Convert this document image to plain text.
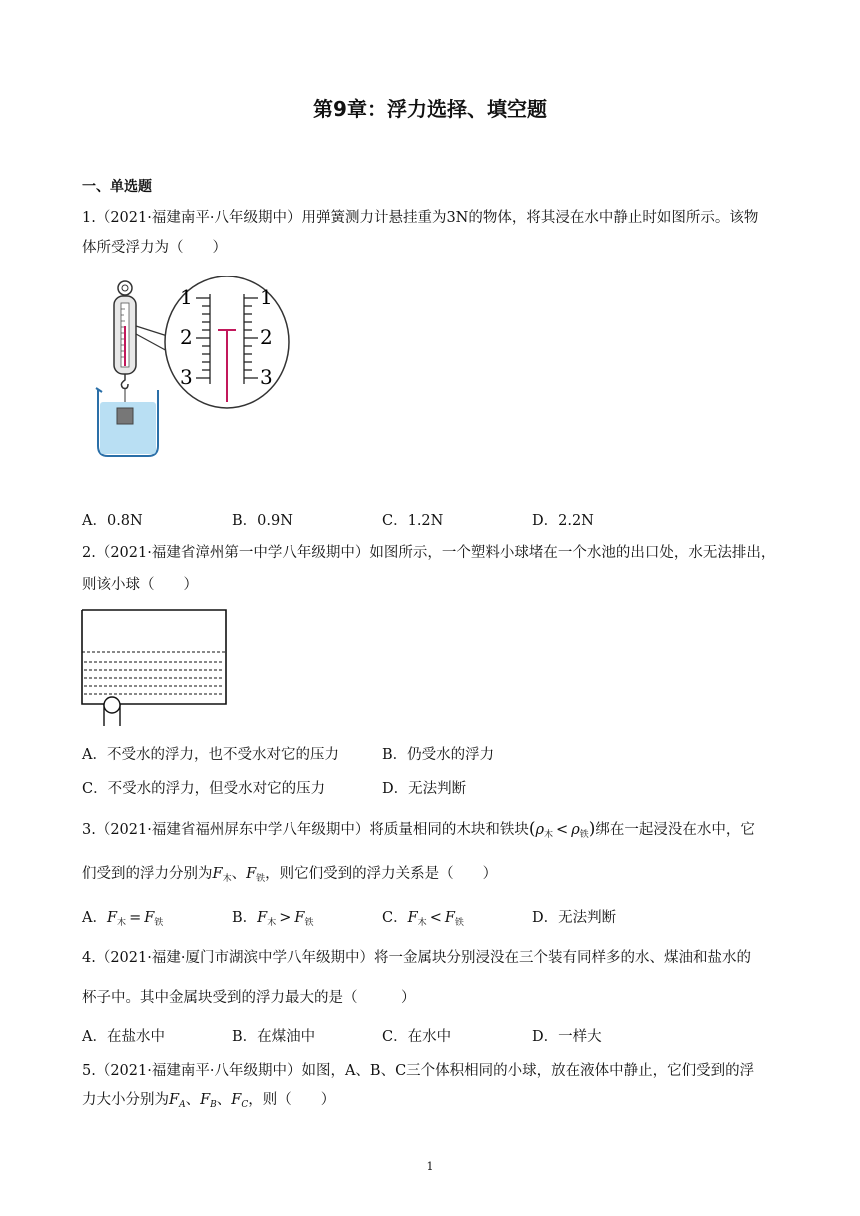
第9章：浮力选择、填空题
一、单选题
1.（2021·福建南平·八年级期中）用弹簧测力计悬挂重为3N的物体，将其浸在水中静止时如图所示。该物
体所受浮力为（　　）
1
2
3
1
2
3
A．0.8N	B．0.9N	C．1.2N	D．2.2N
2.（2021·福建省漳州第一中学八年级期中）如图所示，一个塑料小球堵在一个水池的出口处，水无法排出，
则该小球（　　）
A．不受水的浮力，也不受水对它的压力	B．仍受水的浮力
C．不受水的浮力，但受水对它的压力	D．无法判断
3.（2021·福建省福州屏东中学八年级期中）将质量相同的木块和铁块$(\rho_木 < \rho_铁)$绑在一起浸没在水中，它
们受到的浮力分别为$F_木$、$F_铁$，则它们受到的浮力关系是（　　）
A．$F_木 = F_铁$	B．$F_木 > F_铁$	C．$F_木 < F_铁$	D．无法判断
4.（2021·福建·厦门市湖滨中学八年级期中）将一金属块分别浸没在三个装有同样多的水、煤油和盐水的
杯子中。其中金属块受到的浮力最大的是（　　　）
A．在盐水中	B．在煤油中	C．在水中	D．一样大
5.（2021·福建南平·八年级期中）如图，A、B、C三个体积相同的小球，放在液体中静止，它们受到的浮
力大小分别为$F_A$、$F_B$、$F_C$，则（　　）
1
